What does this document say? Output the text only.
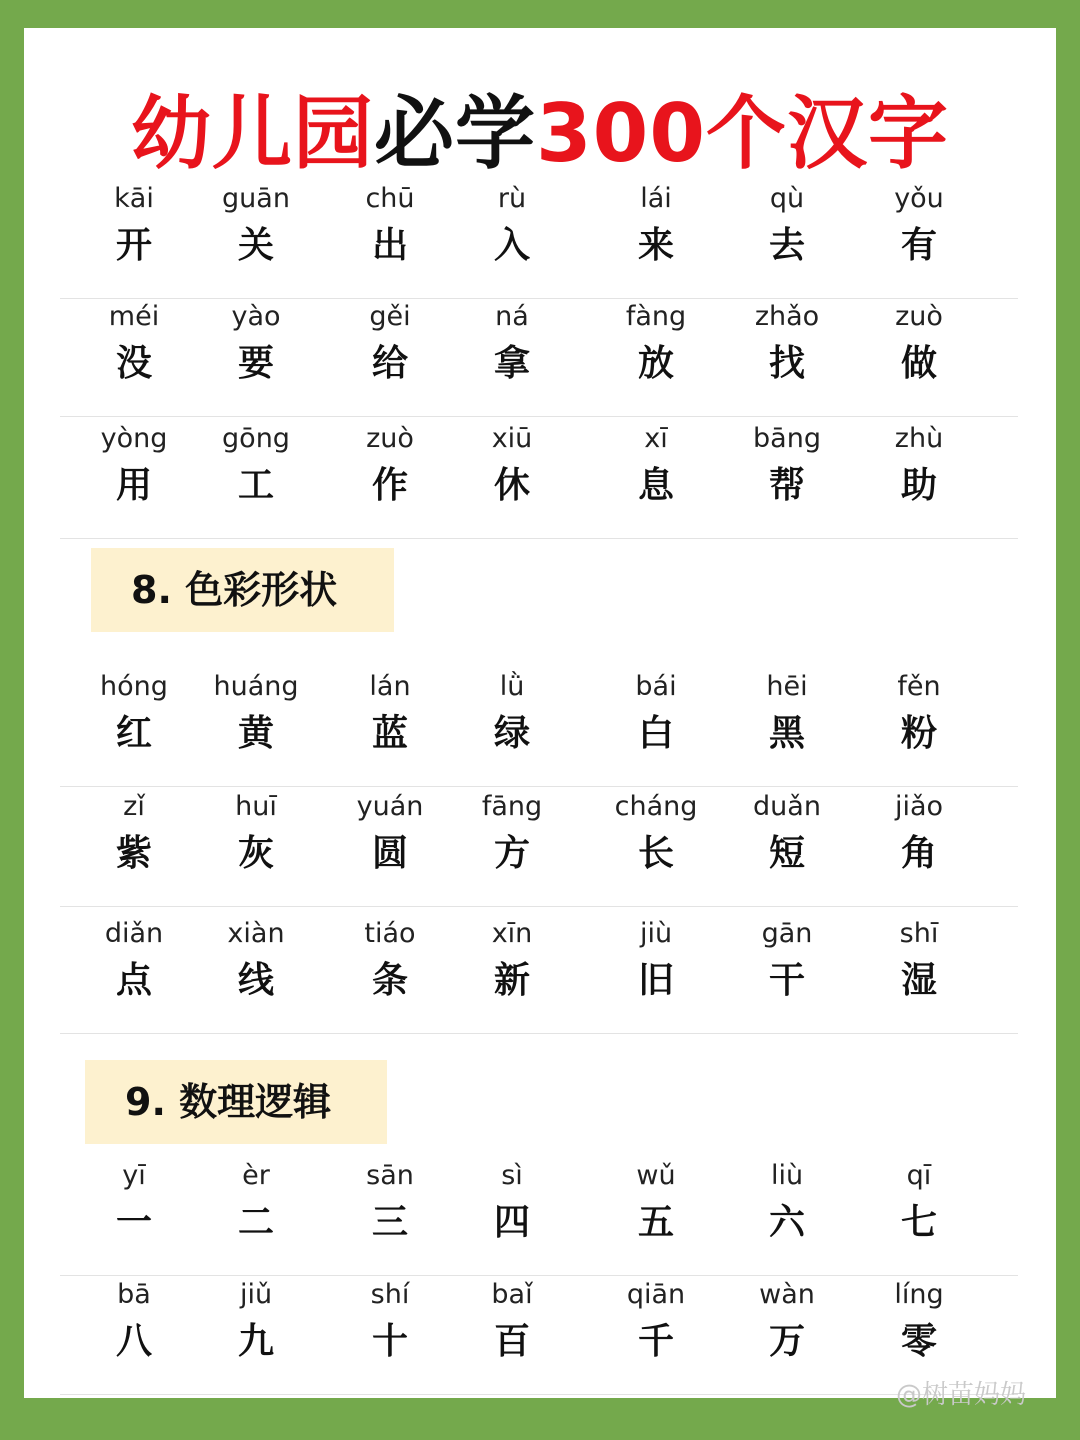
幼儿园必学300个汉字
8. 色彩形状
9. 数理逻辑
kāi
开
guān
关
chū
出
rù
入
lái
来
qù
去
yǒu
有
méi
没
yào
要
gěi
给
ná
拿
fàng
放
zhǎo
找
zuò
做
yòng
用
gōng
工
zuò
作
xiū
休
xī
息
bāng
帮
zhù
助
hóng
红
huáng
黄
lán
蓝
lǜ
绿
bái
白
hēi
黑
fěn
粉
zǐ
紫
huī
灰
yuán
圆
fāng
方
cháng
长
duǎn
短
jiǎo
角
diǎn
点
xiàn
线
tiáo
条
xīn
新
jiù
旧
gān
干
shī
湿
yī
一
èr
二
sān
三
sì
四
wǔ
五
liù
六
qī
七
bā
八
jiǔ
九
shí
十
baǐ
百
qiān
千
wàn
万
líng
零
@树苗妈妈
